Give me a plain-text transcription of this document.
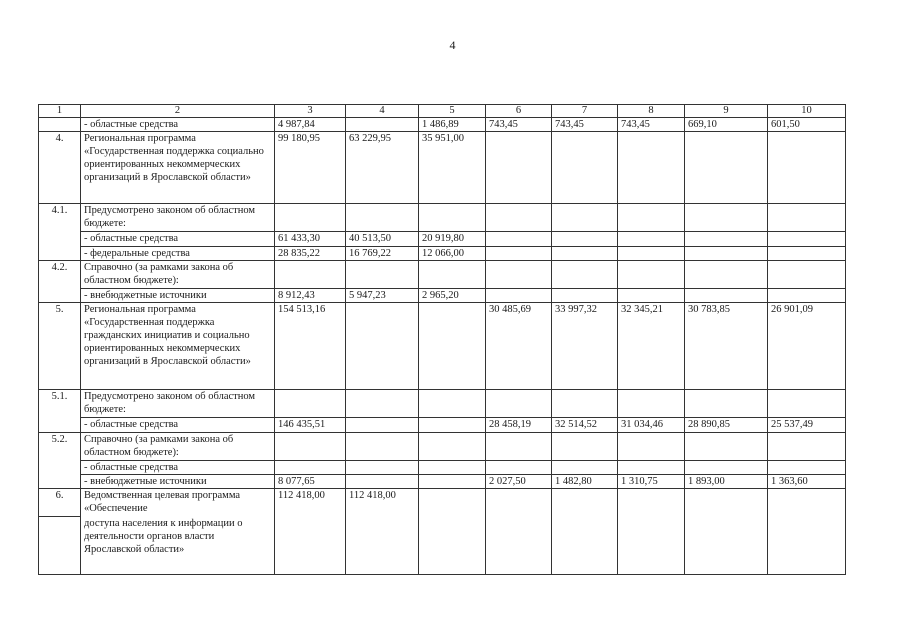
4
1	2	3	4	5	6	7	8	9	10
	- областные средства	4 987,84		1 486,89	743,45	743,45	743,45	669,10	601,50
4.	Региональная программа «Государственная поддержка социально ориентированных некоммерческих организаций в Ярославской области»	99 180,95	63 229,95	35 951,00					
4.1.	Предусмотрено законом об областном бюджете:								
	- областные средства	61 433,30	40 513,50	20 919,80					
	- федеральные средства	28 835,22	16 769,22	12 066,00					
4.2.	Справочно (за рамками закона об областном бюджете):								
	- внебюджетные источники	8 912,43	5 947,23	2 965,20					
5.	Региональная программа «Государственная поддержка гражданских инициатив и социально ориентированных некоммерческих организаций в Ярославской области»	154 513,16			30 485,69	33 997,32	32 345,21	30 783,85	26 901,09
5.1.	Предусмотрено законом об областном бюджете:								
	- областные средства	146 435,51			28 458,19	32 514,52	31 034,46	28 890,85	25 537,49
5.2.	Справочно (за рамками закона об областном бюджете):								
	- областные средства								
	- внебюджетные источники	8 077,65			2 027,50	1 482,80	1 310,75	1 893,00	1 363,60
6.	Ведомственная целевая программа «Обеспечение	112 418,00	112 418,00						
	доступа населения к информации о деятельности органов власти Ярославской области»								
